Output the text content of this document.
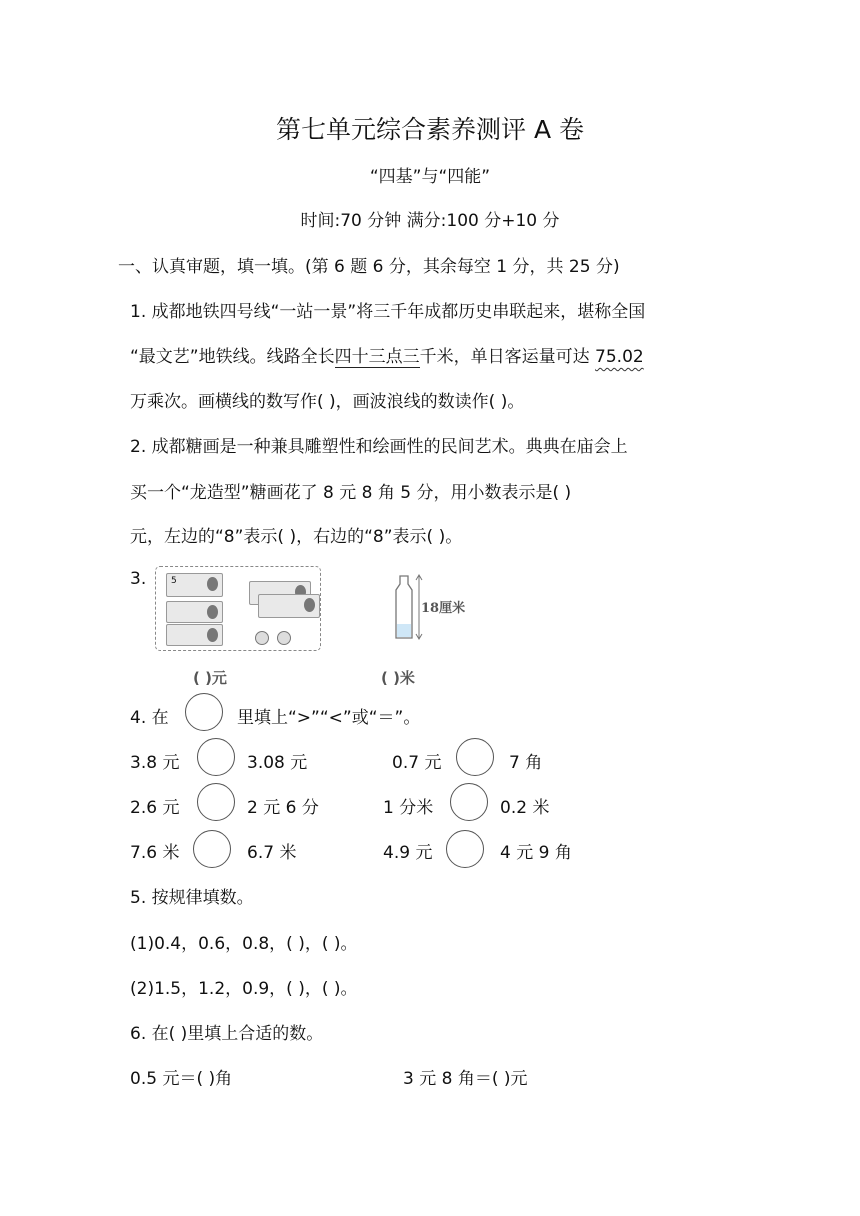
第七单元综合素养测评 A 卷
“四基”与“四能”
时间:70 分钟 满分:100 分+10 分
一、认真审题，填一填。(第 6 题 6 分，其余每空 1 分，共 25 分)
1. 成都地铁四号线“一站一景”将三千年成都历史串联起来，堪称全国
“最文艺”地铁线。线路全长四十三点三千米，单日客运量可达 75.02
万乘次。画横线的数写作( )，画波浪线的数读作( )。
2. 成都糖画是一种兼具雕塑性和绘画性的民间艺术。典典在庙会上
买一个“龙造型”糖画花了 8 元 8 角 5 分，用小数表示是( )
元，左边的“8”表示( )，右边的“8”表示( )。
3.	5
18厘米
( )元	( )米
4. 在	里填上“>”“<”或“＝”。
3.8 元	3.08 元	0.7 元	7 角
2.6 元	2 元 6 分	1 分米	0.2 米
7.6 米	6.7 米	4.9 元	4 元 9 角
5. 按规律填数。
(1)0.4，0.6，0.8，( )，( )。
(2)1.5，1.2，0.9，( )，( )。
6. 在( )里填上合适的数。
0.5 元＝( )角	3 元 8 角＝( )元
